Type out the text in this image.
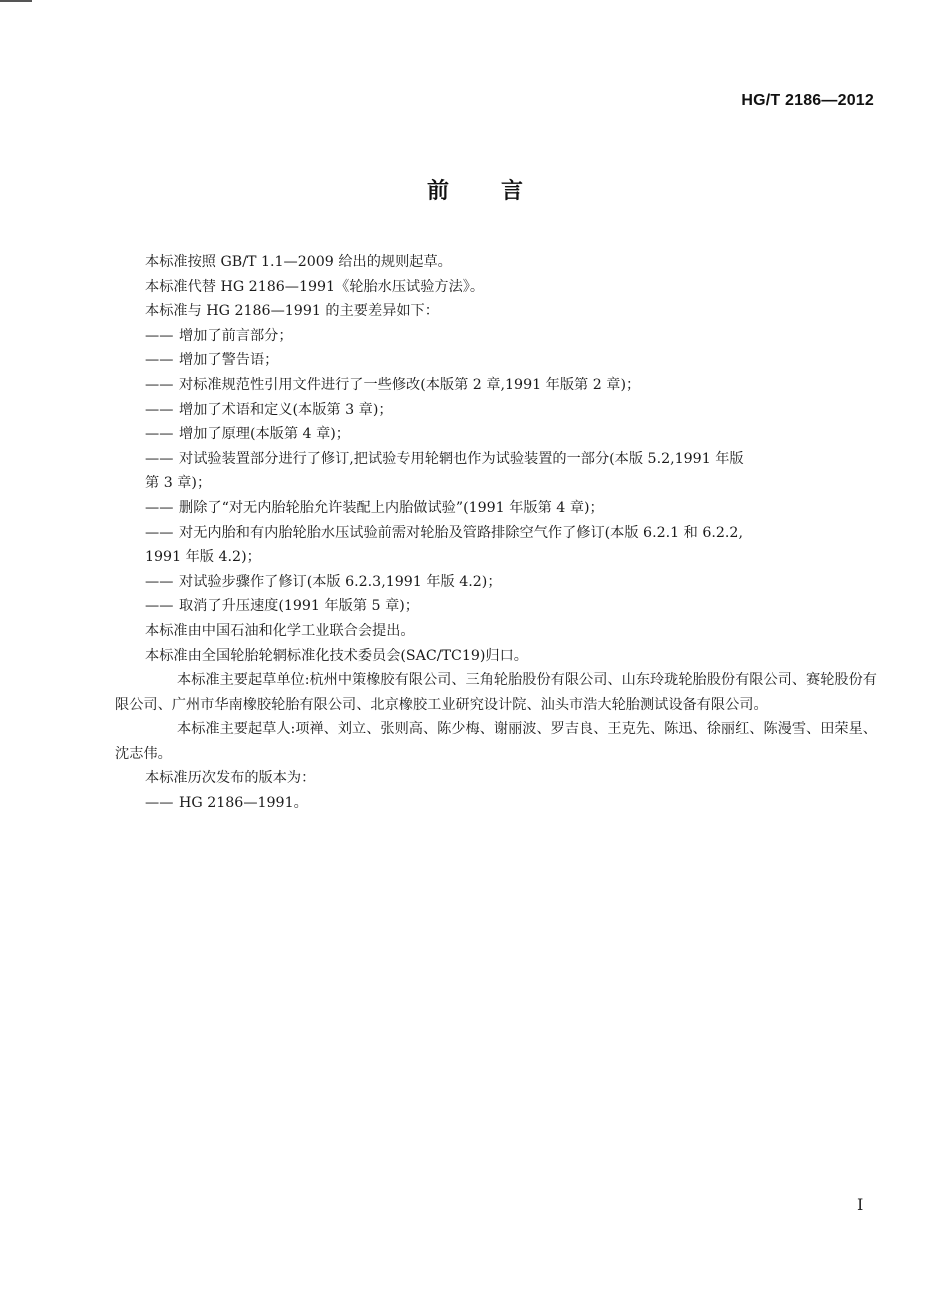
HG/T 2186—2012
前 言

本标准按照 GB/T 1.1—2009 给出的规则起草。

本标准代替 HG 2186—1991《轮胎水压试验方法》。

本标准与 HG 2186—1991 的主要差异如下：

—— 增加了前言部分；
—— 增加了警告语；
—— 对标准规范性引用文件进行了一些修改(本版第 2 章,1991 年版第 2 章)；
—— 增加了术语和定义(本版第 3 章)；
—— 增加了原理(本版第 4 章)；
—— 对试验装置部分进行了修订,把试验专用轮辋也作为试验装置的一部分(本版 5.2,1991 年版
第 3 章)；
—— 删除了“对无内胎轮胎允许装配上内胎做试验”(1991 年版第 4 章)；
—— 对无内胎和有内胎轮胎水压试验前需对轮胎及管路排除空气作了修订(本版 6.2.1 和 6.2.2,
1991 年版 4.2)；
—— 对试验步骤作了修订(本版 6.2.3,1991 年版 4.2)；
—— 取消了升压速度(1991 年版第 5 章)；

本标准由中国石油和化学工业联合会提出。

本标准由全国轮胎轮辋标准化技术委员会(SAC/TC19)归口。

本标准主要起草单位:杭州中策橡胶有限公司、三角轮胎股份有限公司、山东玲珑轮胎股份有限公司、赛轮股份有限公司、广州市华南橡胶轮胎有限公司、北京橡胶工业研究设计院、汕头市浩大轮胎测试设备有限公司。

本标准主要起草人:项禅、刘立、张则高、陈少梅、谢丽波、罗吉良、王克先、陈迅、徐丽红、陈漫雪、田荣星、沈志伟。

本标准历次发布的版本为：

—— HG 2186—1991。
I
